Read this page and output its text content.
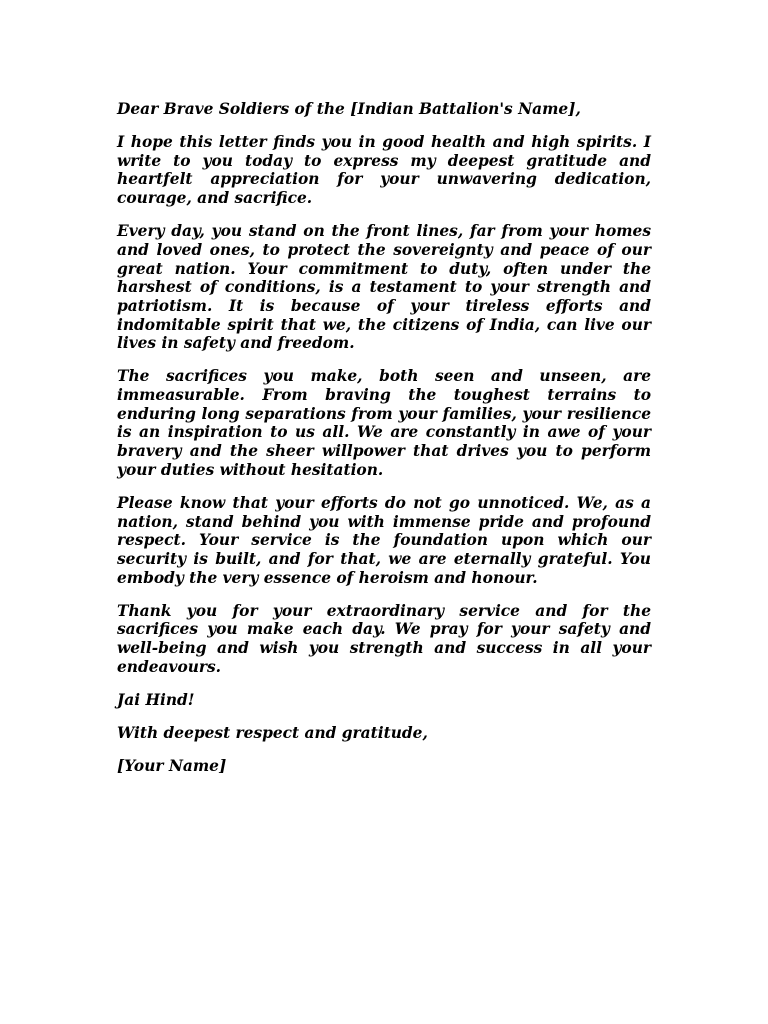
Dear Brave Soldiers of the [Indian Battalion's Name],

I hope this letter finds you in good health and high spirits. I write to you today to express my deepest gratitude and heartfelt appreciation for your unwavering dedication, courage, and sacrifice.

Every day, you stand on the front lines, far from your homes and loved ones, to protect the sovereignty and peace of our great nation. Your commitment to duty, often under the harshest of conditions, is a testament to your strength and patriotism. It is because of your tireless efforts and indomitable spirit that we, the citizens of India, can live our lives in safety and freedom.

The sacrifices you make, both seen and unseen, are immeasurable. From braving the toughest terrains to enduring long separations from your families, your resilience is an inspiration to us all. We are constantly in awe of your bravery and the sheer willpower that drives you to perform your duties without hesitation.

Please know that your efforts do not go unnoticed. We, as a nation, stand behind you with immense pride and profound respect. Your service is the foundation upon which our security is built, and for that, we are eternally grateful. You embody the very essence of heroism and honour.

Thank you for your extraordinary service and for the sacrifices you make each day. We pray for your safety and well-being and wish you strength and success in all your endeavours.

Jai Hind!

With deepest respect and gratitude,

[Your Name]
